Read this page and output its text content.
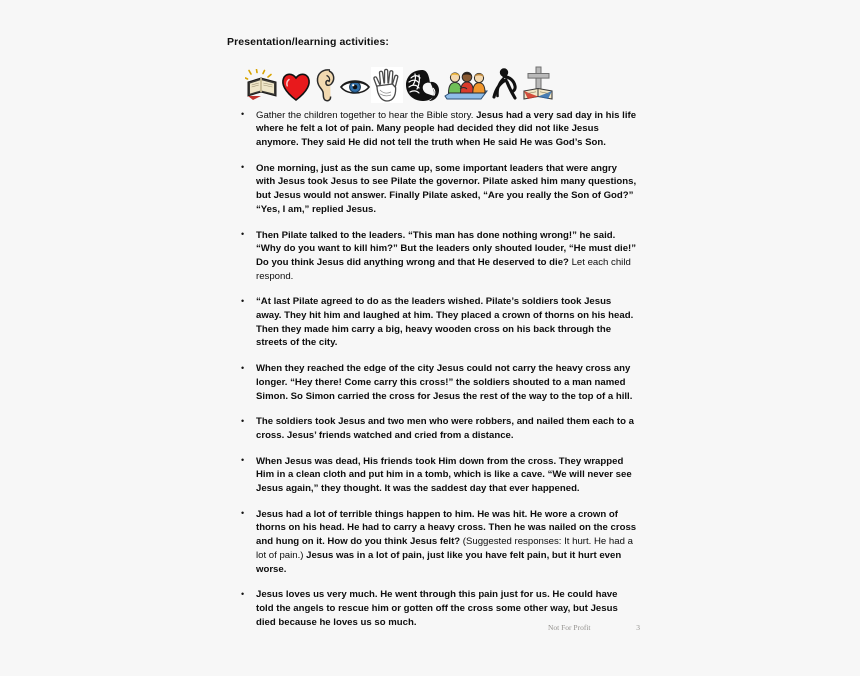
Presentation/learning activities:
• Gather the children together to hear the Bible story. Jesus had a very sad day in his life where he felt a lot of pain. Many people had decided they did not like Jesus anymore. They said He did not tell the truth when He said He was God’s Son.
• One morning, just as the sun came up, some important leaders that were angry with Jesus took Jesus to see Pilate the governor. Pilate asked him many questions, but Jesus would not answer. Finally Pilate asked, “Are you really the Son of God?” “Yes, I am,” replied Jesus.
• Then Pilate talked to the leaders. “This man has done nothing wrong!” he said. “Why do you want to kill him?” But the leaders only shouted louder, “He must die!” Do you think Jesus did anything wrong and that He deserved to die? Let each child respond.
• “At last Pilate agreed to do as the leaders wished. Pilate’s soldiers took Jesus away. They hit him and laughed at him. They placed a crown of thorns on his head. Then they made him carry a big, heavy wooden cross on his back through the streets of the city.
• When they reached the edge of the city Jesus could not carry the heavy cross any longer. “Hey there! Come carry this cross!” the soldiers shouted to a man named Simon. So Simon carried the cross for Jesus the rest of the way to the top of a hill.
• The soldiers took Jesus and two men who were robbers, and nailed them each to a cross. Jesus’ friends watched and cried from a distance.
• When Jesus was dead, His friends took Him down from the cross. They wrapped Him in a clean cloth and put him in a tomb, which is like a cave. “We will never see Jesus again,” they thought. It was the saddest day that ever happened.
• Jesus had a lot of terrible things happen to him. He was hit. He wore a crown of thorns on his head. He had to carry a heavy cross. Then he was nailed on the cross and hung on it. How do you think Jesus felt? (Suggested responses: It hurt. He had a lot of pain.) Jesus was in a lot of pain, just like you have felt pain, but it hurt even worse.
• Jesus loves us very much. He went through this pain just for us. He could have told the angels to rescue him or gotten off the cross some other way, but Jesus died because he loves us so much.	Not For Profit	3
